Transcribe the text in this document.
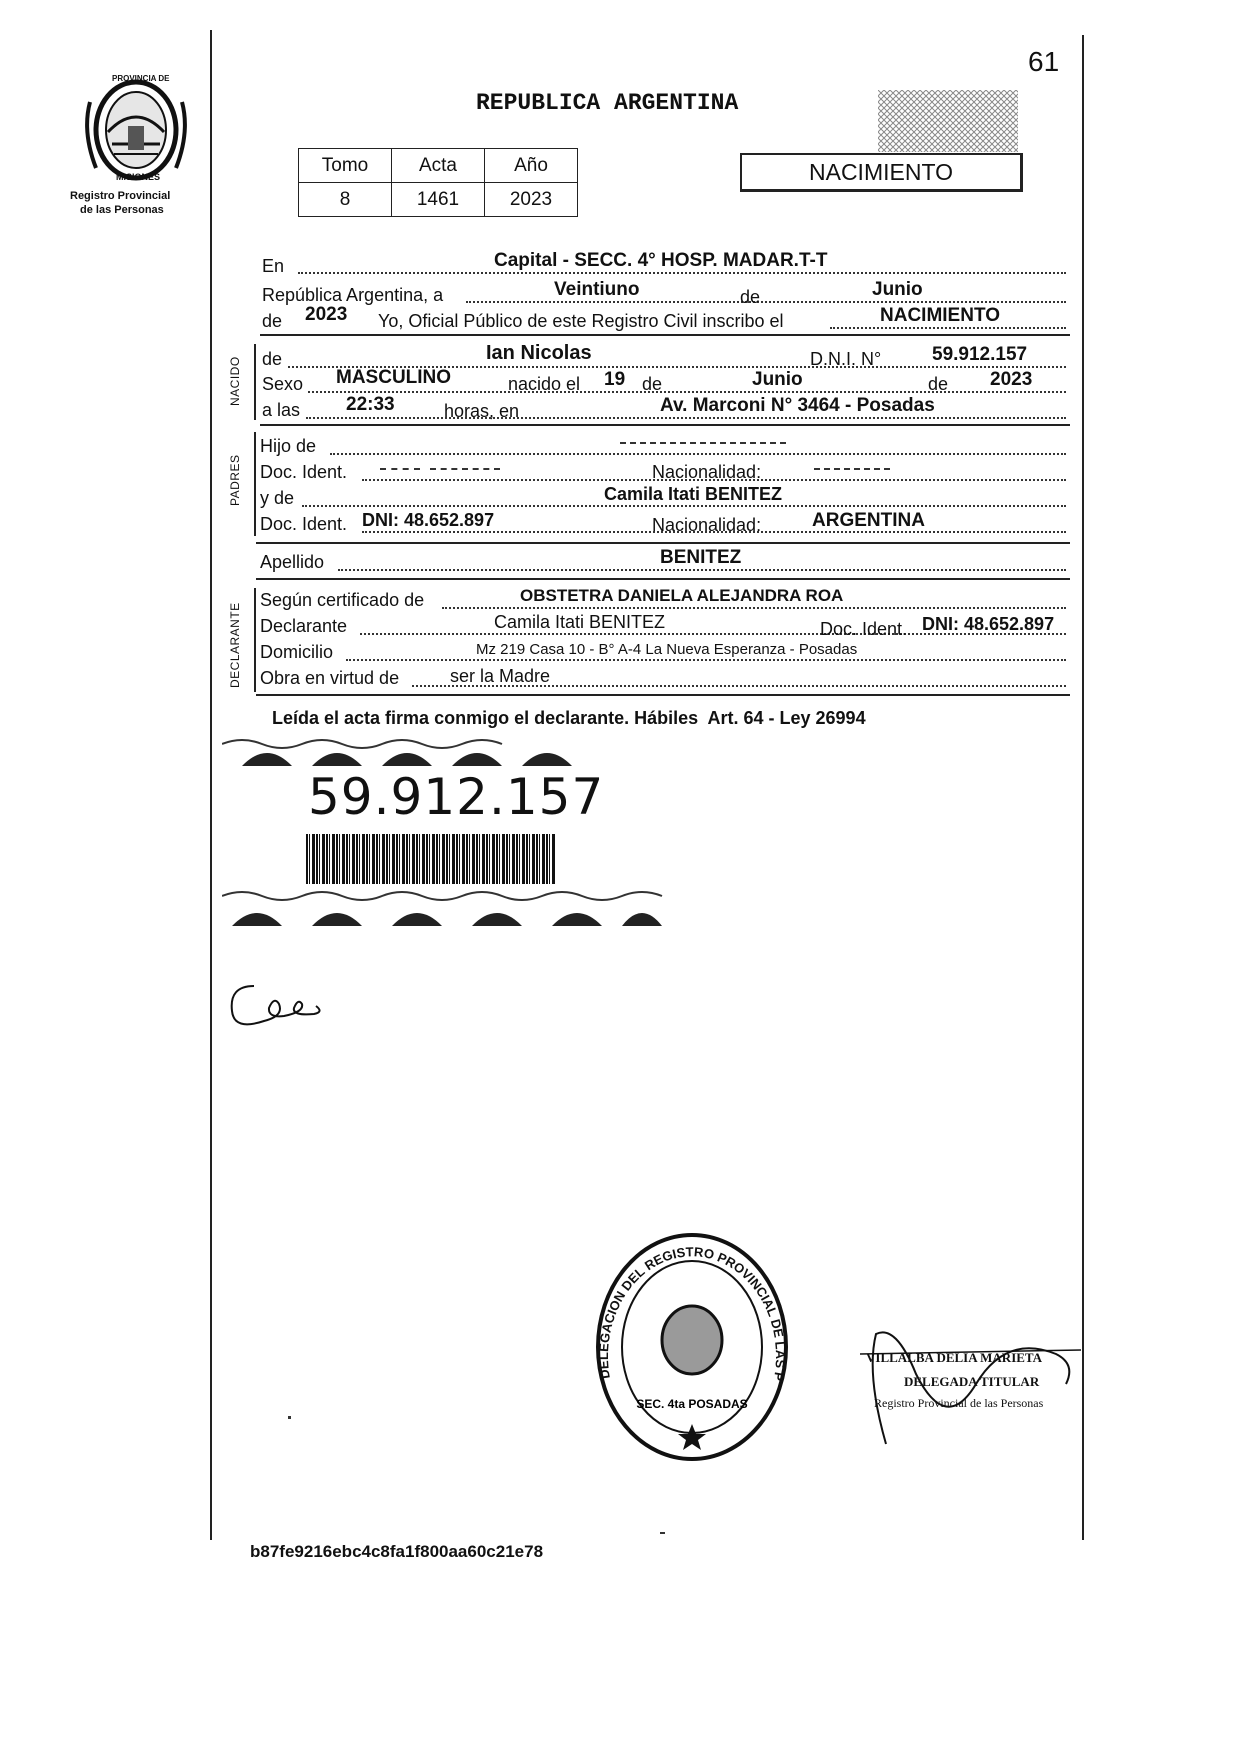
61
PROVINCIA DE
MISIONES
Registro Provincial
de las Personas
REPUBLICA ARGENTINA
NACIMIENTO
Tomo	Acta	Año
8	1461	2023
En	Capital - SECC. 4° HOSP. MADAR.T-T
República Argentina, a	Veintiuno	de	Junio
de 2023 Yo, Oficial Público de este Registro Civil inscribo el	NACIMIENTO
NACIDO de	Ian Nicolas	D.N.I. N°	59.912.157
Sexo MASCULINO	nacido el 19 de	Junio	de 2023
a las 22:33	horas, en	Av. Marconi N° 3464 - Posadas
PADRES
Hijo de
Doc. Ident.	Nacionalidad:
y de	Camila Itati BENITEZ
Doc. Ident. DNI: 48.652.897	Nacionalidad:	ARGENTINA
Apellido	BENITEZ
DECLARANTE
Según certificado de	OBSTETRA DANIELA ALEJANDRA ROA
Declarante	Camila Itati BENITEZ	Doc. Ident. DNI: 48.652.897
Domicilio	Mz 219 Casa 10 - B° A-4 La Nueva Esperanza - Posadas
Obra en virtud de	ser la Madre
Leída el acta firma conmigo el declarante. Hábiles  Art. 64 - Ley 26994
59.912.157
DELEGACION DEL REGISTRO PROVINCIAL DE LAS P
SEC. 4ta POSADAS
VILLALBA DELIA MARIETA
DELEGADA TITULAR
Registro Provincial de las Personas
b87fe9216ebc4c8fa1f800aa60c21e78
